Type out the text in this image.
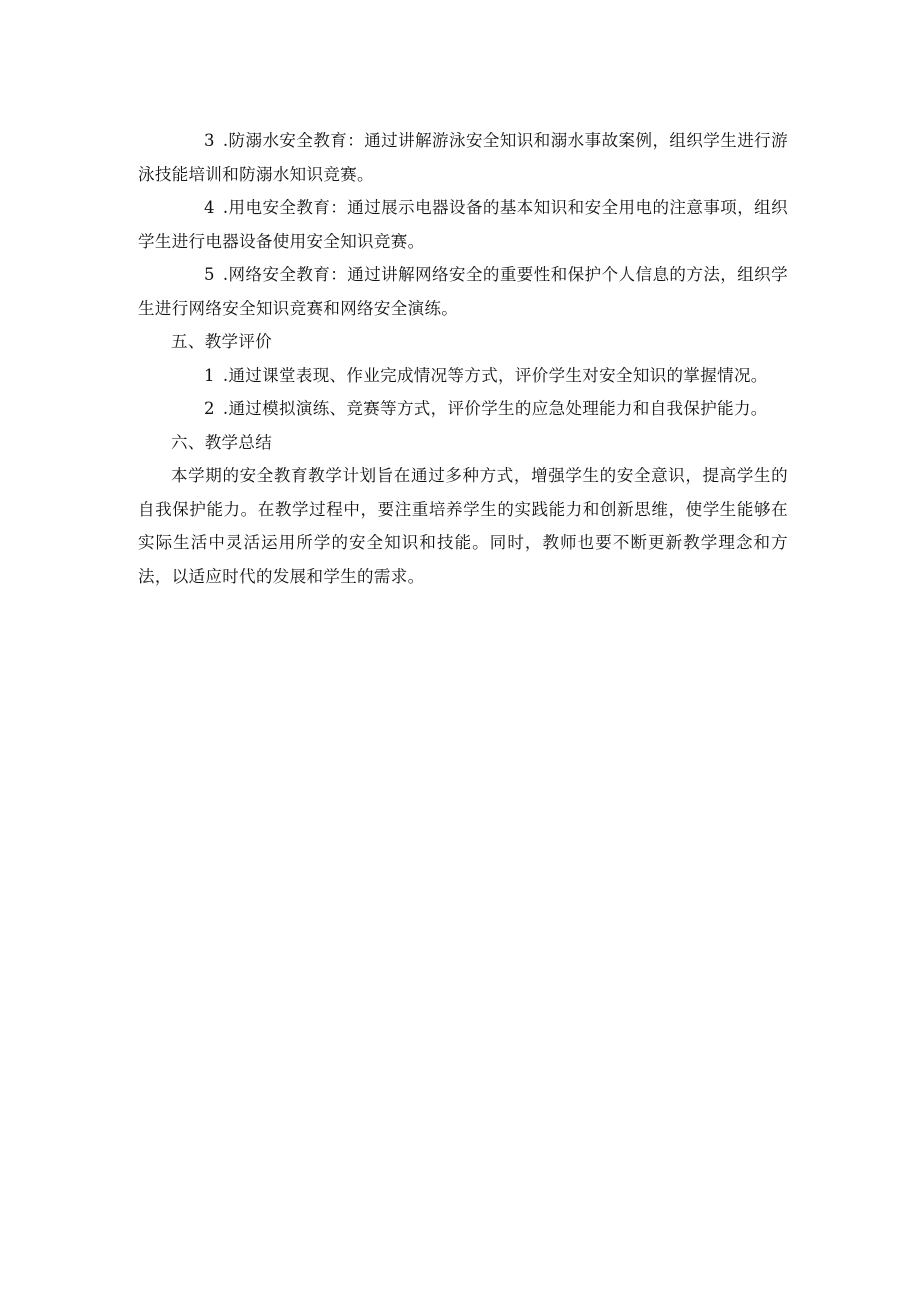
3 .防溺水安全教育：通过讲解游泳安全知识和溺水事故案例，组织学生进行游泳技能培训和防溺水知识竞赛。

4 .用电安全教育：通过展示电器设备的基本知识和安全用电的注意事项，组织学生进行电器设备使用安全知识竞赛。

5 .网络安全教育：通过讲解网络安全的重要性和保护个人信息的方法，组织学生进行网络安全知识竞赛和网络安全演练。

五、教学评价

1 .通过课堂表现、作业完成情况等方式，评价学生对安全知识的掌握情况。

2 .通过模拟演练、竞赛等方式，评价学生的应急处理能力和自我保护能力。

六、教学总结

本学期的安全教育教学计划旨在通过多种方式，增强学生的安全意识，提高学生的自我保护能力。在教学过程中，要注重培养学生的实践能力和创新思维，使学生能够在实际生活中灵活运用所学的安全知识和技能。同时，教师也要不断更新教学理念和方法，以适应时代的发展和学生的需求。
